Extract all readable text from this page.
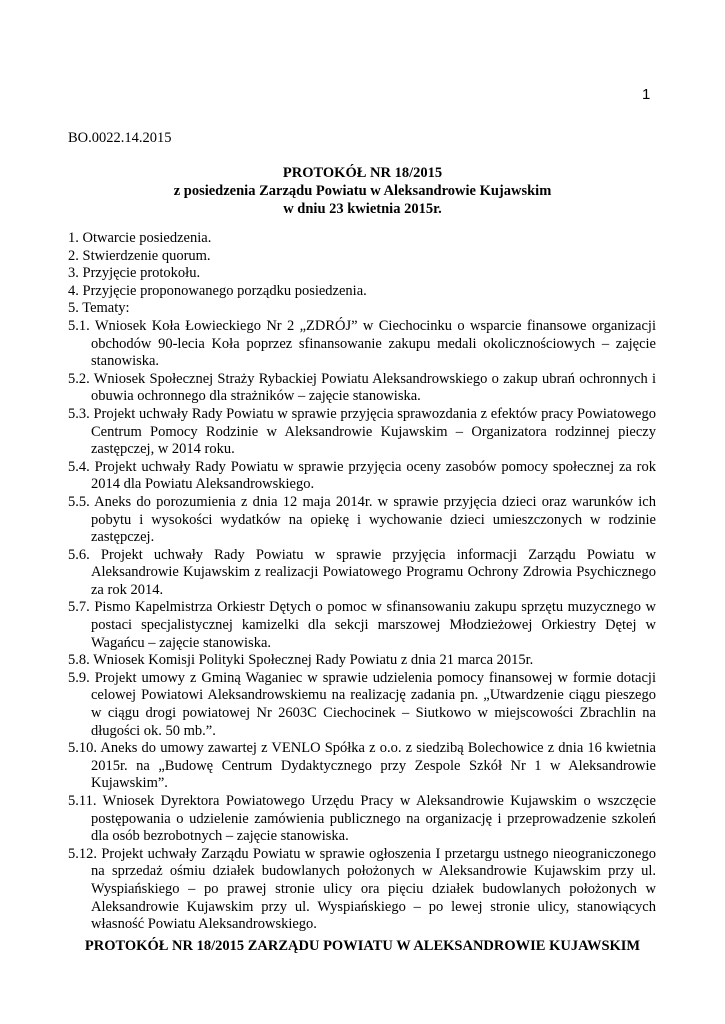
1
BO.0022.14.2015
PROTOKÓŁ NR 18/2015
z posiedzenia Zarządu Powiatu w Aleksandrowie Kujawskim
w dniu 23 kwietnia 2015r.
1. Otwarcie posiedzenia.
2. Stwierdzenie quorum.
3. Przyjęcie protokołu.
4. Przyjęcie proponowanego porządku posiedzenia.
5. Tematy:
5.1. Wniosek Koła Łowieckiego Nr 2 „ZDRÓJ” w Ciechocinku o wsparcie finansowe organizacji obchodów 90-lecia Koła poprzez sfinansowanie zakupu medali okolicznościowych – zajęcie stanowiska.
5.2. Wniosek Społecznej Straży Rybackiej Powiatu Aleksandrowskiego o zakup ubrań ochronnych i obuwia ochronnego dla strażników – zajęcie stanowiska.
5.3. Projekt uchwały Rady Powiatu w sprawie przyjęcia sprawozdania z efektów pracy Powiatowego Centrum Pomocy Rodzinie w Aleksandrowie Kujawskim – Organizatora rodzinnej pieczy zastępczej, w 2014 roku.
5.4. Projekt uchwały Rady Powiatu w sprawie przyjęcia oceny zasobów pomocy społecznej za rok 2014 dla Powiatu Aleksandrowskiego.
5.5. Aneks do porozumienia z dnia 12 maja 2014r. w sprawie przyjęcia dzieci oraz warunków ich pobytu i wysokości wydatków na opiekę i wychowanie dzieci umieszczonych w rodzinie zastępczej.
5.6. Projekt uchwały Rady Powiatu w sprawie przyjęcia informacji Zarządu Powiatu w Aleksandrowie Kujawskim z realizacji Powiatowego Programu Ochrony Zdrowia Psychicznego za rok 2014.
5.7. Pismo Kapelmistrza Orkiestr Dętych o pomoc w sfinansowaniu zakupu sprzętu muzycznego w postaci specjalistycznej kamizelki dla sekcji marszowej Młodzieżowej Orkiestry Dętej w Wagańcu – zajęcie stanowiska.
5.8. Wniosek Komisji Polityki Społecznej Rady Powiatu z dnia 21 marca 2015r.
5.9. Projekt umowy z Gminą Waganiec w sprawie udzielenia pomocy finansowej w formie dotacji celowej Powiatowi Aleksandrowskiemu na realizację zadania pn. „Utwardzenie ciągu pieszego w ciągu drogi powiatowej Nr 2603C Ciechocinek – Siutkowo w miejscowości Zbrachlin na długości ok. 50 mb.”.
5.10. Aneks do umowy zawartej z VENLO Spółka z o.o. z siedzibą Bolechowice z dnia 16 kwietnia 2015r. na „Budowę Centrum Dydaktycznego przy Zespole Szkół Nr 1 w Aleksandrowie Kujawskim”.
5.11. Wniosek Dyrektora Powiatowego Urzędu Pracy w Aleksandrowie Kujawskim o wszczęcie postępowania o udzielenie zamówienia publicznego na organizację i przeprowadzenie szkoleń dla osób bezrobotnych – zajęcie stanowiska.
5.12. Projekt uchwały Zarządu Powiatu w sprawie ogłoszenia I przetargu ustnego nieograniczonego na sprzedaż ośmiu działek budowlanych położonych w Aleksandrowie Kujawskim przy ul. Wyspiańskiego – po prawej stronie ulicy ora pięciu działek budowlanych położonych w Aleksandrowie Kujawskim przy ul. Wyspiańskiego – po lewej stronie ulicy, stanowiących własność Powiatu Aleksandrowskiego.
PROTOKÓŁ NR 18/2015 ZARZĄDU POWIATU W ALEKSANDROWIE KUJAWSKIM
